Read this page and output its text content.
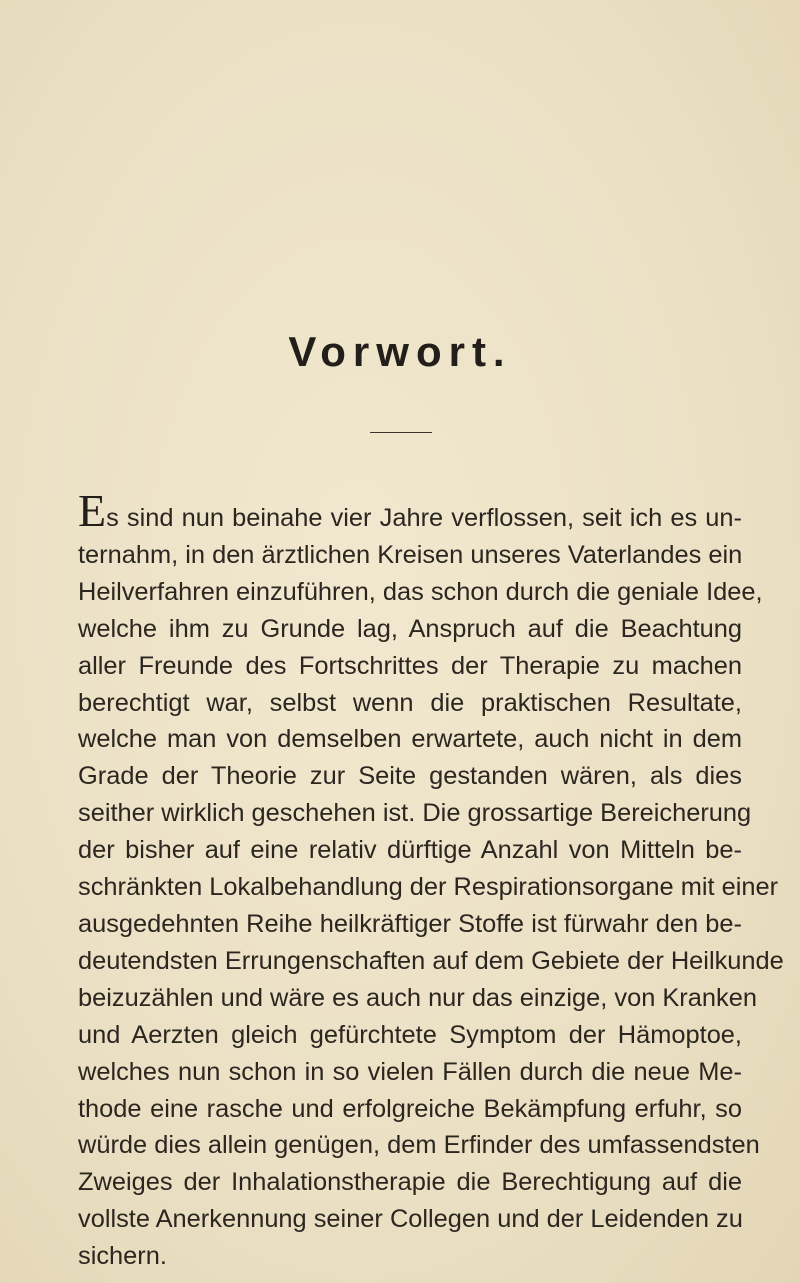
Vorwort.
Es sind nun beinahe vier Jahre verflossen, seit ich es un-
ternahm, in den ärztlichen Kreisen unseres Vaterlandes ein
Heilverfahren einzuführen, das schon durch die geniale Idee,
welche ihm zu Grunde lag, Anspruch auf die Beachtung
aller Freunde des Fortschrittes der Therapie zu machen
berechtigt war, selbst wenn die praktischen Resultate,
welche man von demselben erwartete, auch nicht in dem
Grade der Theorie zur Seite gestanden wären, als dies
seither wirklich geschehen ist. Die grossartige Bereicherung
der bisher auf eine relativ dürftige Anzahl von Mitteln be-
schränkten Lokalbehandlung der Respirationsorgane mit einer
ausgedehnten Reihe heilkräftiger Stoffe ist fürwahr den be-
deutendsten Errungenschaften auf dem Gebiete der Heilkunde
beizuzählen und wäre es auch nur das einzige, von Kranken
und Aerzten gleich gefürchtete Symptom der Hämoptoe,
welches nun schon in so vielen Fällen durch die neue Me-
thode eine rasche und erfolgreiche Bekämpfung erfuhr, so
würde dies allein genügen, dem Erfinder des umfassendsten
Zweiges der Inhalationstherapie die Berechtigung auf die
vollste Anerkennung seiner Collegen und der Leidenden zu
sichern.
